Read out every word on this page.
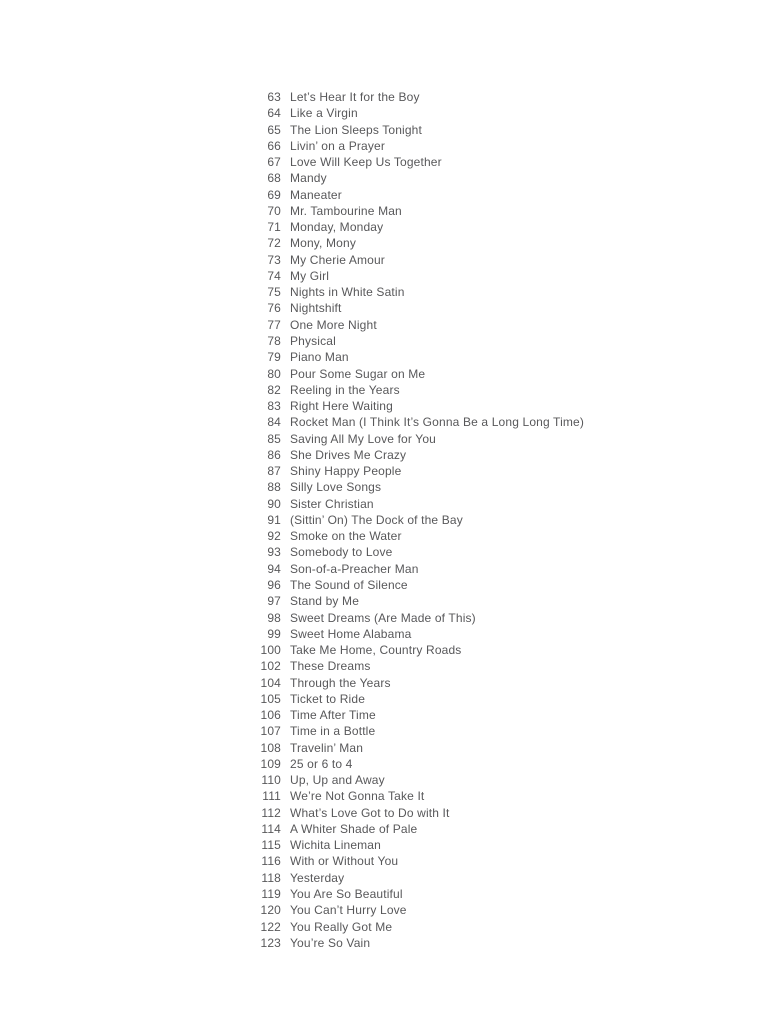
63 Let’s Hear It for the Boy
64 Like a Virgin
65 The Lion Sleeps Tonight
66 Livin’ on a Prayer
67 Love Will Keep Us Together
68 Mandy
69 Maneater
70 Mr. Tambourine Man
71 Monday, Monday
72 Mony, Mony
73 My Cherie Amour
74 My Girl
75 Nights in White Satin
76 Nightshift
77 One More Night
78 Physical
79 Piano Man
80 Pour Some Sugar on Me
82 Reeling in the Years
83 Right Here Waiting
84 Rocket Man (I Think It’s Gonna Be a Long Long Time)
85 Saving All My Love for You
86 She Drives Me Crazy
87 Shiny Happy People
88 Silly Love Songs
90 Sister Christian
91 (Sittin’ On) The Dock of the Bay
92 Smoke on the Water
93 Somebody to Love
94 Son-of-a-Preacher Man
96 The Sound of Silence
97 Stand by Me
98 Sweet Dreams (Are Made of This)
99 Sweet Home Alabama
100 Take Me Home, Country Roads
102 These Dreams
104 Through the Years
105 Ticket to Ride
106 Time After Time
107 Time in a Bottle
108 Travelin’ Man
109 25 or 6 to 4
110 Up, Up and Away
111 We’re Not Gonna Take It
112 What’s Love Got to Do with It
114 A Whiter Shade of Pale
115 Wichita Lineman
116 With or Without You
118 Yesterday
119 You Are So Beautiful
120 You Can’t Hurry Love
122 You Really Got Me
123 You’re So Vain
